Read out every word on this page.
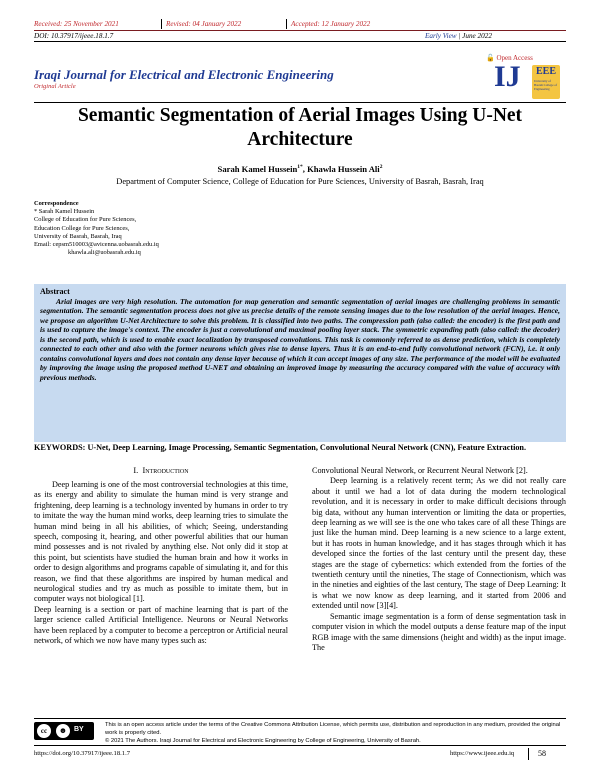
Received: 25 November 2021	Revised: 04 January 2022	Accepted: 12 January 2022
DOI: 10.37917/ijeee.18.1.7	Early View | June 2022
🔓 Open Access
Iraqi Journal for Electrical and Electronic Engineering
Original Article	IJ EEE
University of Basrah College of Engineering
Semantic Segmentation of Aerial Images Using U-Net
Architecture
Sarah Kamel Hussein$^{1*}$, Khawla Hussein Ali$^2$
Department of Computer Science, College of Education for Pure Sciences, University of Basrah, Basrah, Iraq
Correspondence
* Sarah Kamel Hussein
College of Education for Pure Sciences,
Education College for Pure Sciences,
University of Basrah, Basrah, Iraq
Email: cepsm510003@avicenna.uobasrah.edu.iq
khawla.ali@uobasrah.edu.iq
Abstract
Arial images are very high resolution. The automation for map generation and semantic segmentation of aerial images are challenging problems in semantic segmentation. The semantic segmentation process does not give us precise details of the remote sensing images due to the low resolution of the aerial images. Hence, we propose an algorithm U-Net Architecture to solve this problem. It is classified into two paths. The compression path (also called: the encoder) is the first path and is used to capture the image's context. The encoder is just a convolutional and maximal pooling layer stack. The symmetric expanding path (also called: the decoder) is the second path, which is used to enable exact localization by transposed convolutions. This task is commonly referred to as dense prediction, which is completely connected to each other and also with the former neurons which gives rise to dense layers. Thus it is an end-to-end fully convolutional network (FCN), i.e. it only contains convolutional layers and does not contain any dense layer because of which it can accept images of any size. The performance of the model will be evaluated by improving the image using the proposed method U-NET and obtaining an improved image by measuring the accuracy compared with the value of accuracy with previous methods.
KEYWORDS: U-Net, Deep Learning, Image Processing, Semantic Segmentation, Convolutional Neural Network (CNN), Feature Extraction.
I. Introduction

Deep learning is one of the most controversial technologies at this time, as its energy and ability to simulate the human mind is very strange and frightening, deep learning is a technology invented by humans in order to try to imitate the way the human mind works, deep learning tries to simulate the human mind being in all his abilities, of which; Seeing, understanding speech, composing it, hearing, and other powerful abilities that our human mind possesses and is not rivaled by anything else. Not only did it stop at this point, but scientists have studied the human brain and how it works in order to design algorithms and programs capable of simulating it, and for this reason, we find that these algorithms are inspired by human medical and neurological studies and try as much as possible to imitate them, but in computer ways not biological [1].

Deep learning is a section or part of machine learning that is part of the larger science called Artificial Intelligence. Neurons or Neural Networks have been replaced by a computer to become a perceptron or Artificial neural network, of which we now have many types such as:

Convolutional Neural Network, or Recurrent Neural Network [2].

Deep learning is a relatively recent term; As we did not really care about it until we had a lot of data during the modern technological revolution, and it is necessary in order to make difficult decisions through big data, without any human intervention or limiting the data or properties, deep learning as we will see is the one who takes care of all these Things are just like the human mind. Deep learning is a new science to a large extent, but it has roots in human knowledge, and it has stages through which it has developed since the forties of the last century until the present day, these stages are the stage of cybernetics: which extended from the forties of the twentieth century until the nineties, The stage of Connectionism, which was in the nineties and eighties of the last century, The stage of Deep Learning: It is what we now know as deep learning, and it started from 2006 and extended until now [3][4].

Semantic image segmentation is a form of dense segmentation task in computer vision in which the model outputs a dense feature map of the input RGB image with the same dimensions (height and width) as the input image. The

cc	☻ BY
This is an open access article under the terms of the Creative Commons Attribution License, which permits use, distribution and reproduction in any medium, provided the original work is properly cited.
© 2021 The Authors. Iraqi Journal for Electrical and Electronic Engineering by College of Engineering, University of Basrah.
https://doi.org/10.37917/ijeee.18.1.7	https://www.ijeee.edu.iq	58
